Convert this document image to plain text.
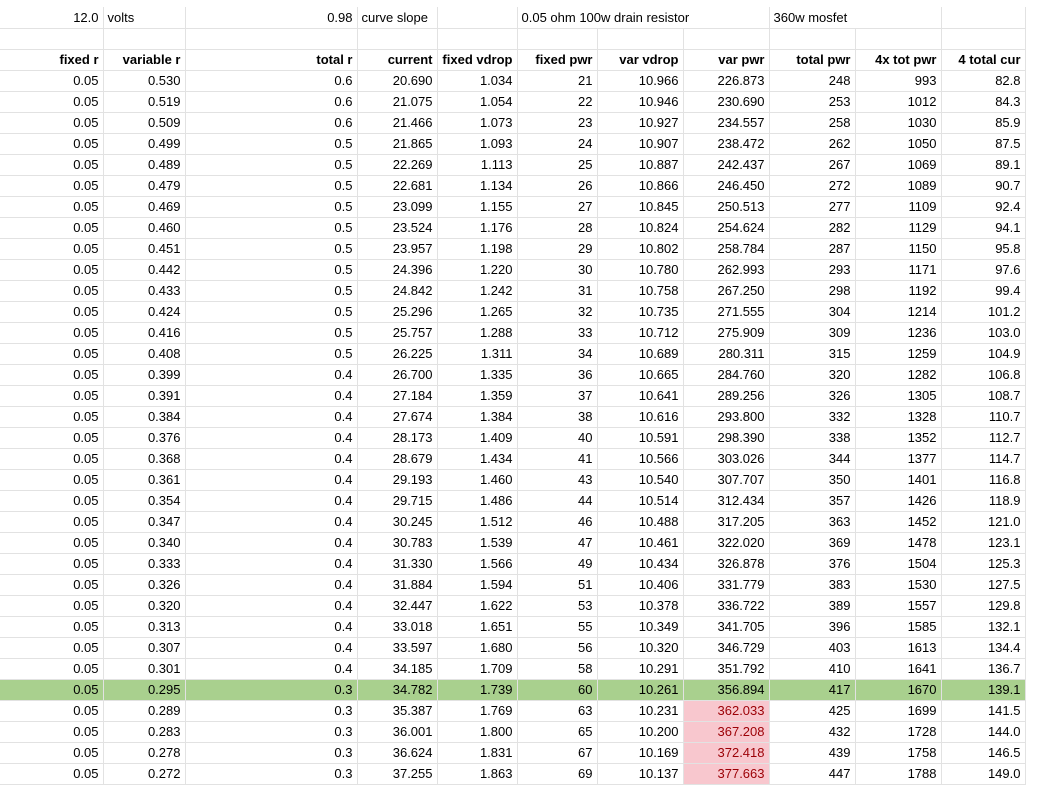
12.0	volts	0.98	curve slope		0.05 ohm 100w drain resistor			360w mosfet		

fixed r	variable r	total r	current	fixed vdrop	fixed pwr	var vdrop	var pwr	total pwr	4x tot pwr	4 total cur
0.05	0.530	0.6	20.690	1.034	21	10.966	226.873	248	993	82.8
0.05	0.519	0.6	21.075	1.054	22	10.946	230.690	253	1012	84.3
0.05	0.509	0.6	21.466	1.073	23	10.927	234.557	258	1030	85.9
0.05	0.499	0.5	21.865	1.093	24	10.907	238.472	262	1050	87.5
0.05	0.489	0.5	22.269	1.113	25	10.887	242.437	267	1069	89.1
0.05	0.479	0.5	22.681	1.134	26	10.866	246.450	272	1089	90.7
0.05	0.469	0.5	23.099	1.155	27	10.845	250.513	277	1109	92.4
0.05	0.460	0.5	23.524	1.176	28	10.824	254.624	282	1129	94.1
0.05	0.451	0.5	23.957	1.198	29	10.802	258.784	287	1150	95.8
0.05	0.442	0.5	24.396	1.220	30	10.780	262.993	293	1171	97.6
0.05	0.433	0.5	24.842	1.242	31	10.758	267.250	298	1192	99.4
0.05	0.424	0.5	25.296	1.265	32	10.735	271.555	304	1214	101.2
0.05	0.416	0.5	25.757	1.288	33	10.712	275.909	309	1236	103.0
0.05	0.408	0.5	26.225	1.311	34	10.689	280.311	315	1259	104.9
0.05	0.399	0.4	26.700	1.335	36	10.665	284.760	320	1282	106.8
0.05	0.391	0.4	27.184	1.359	37	10.641	289.256	326	1305	108.7
0.05	0.384	0.4	27.674	1.384	38	10.616	293.800	332	1328	110.7
0.05	0.376	0.4	28.173	1.409	40	10.591	298.390	338	1352	112.7
0.05	0.368	0.4	28.679	1.434	41	10.566	303.026	344	1377	114.7
0.05	0.361	0.4	29.193	1.460	43	10.540	307.707	350	1401	116.8
0.05	0.354	0.4	29.715	1.486	44	10.514	312.434	357	1426	118.9
0.05	0.347	0.4	30.245	1.512	46	10.488	317.205	363	1452	121.0
0.05	0.340	0.4	30.783	1.539	47	10.461	322.020	369	1478	123.1
0.05	0.333	0.4	31.330	1.566	49	10.434	326.878	376	1504	125.3
0.05	0.326	0.4	31.884	1.594	51	10.406	331.779	383	1530	127.5
0.05	0.320	0.4	32.447	1.622	53	10.378	336.722	389	1557	129.8
0.05	0.313	0.4	33.018	1.651	55	10.349	341.705	396	1585	132.1
0.05	0.307	0.4	33.597	1.680	56	10.320	346.729	403	1613	134.4
0.05	0.301	0.4	34.185	1.709	58	10.291	351.792	410	1641	136.7
0.05	0.295	0.3	34.782	1.739	60	10.261	356.894	417	1670	139.1
0.05	0.289	0.3	35.387	1.769	63	10.231	362.033	425	1699	141.5
0.05	0.283	0.3	36.001	1.800	65	10.200	367.208	432	1728	144.0
0.05	0.278	0.3	36.624	1.831	67	10.169	372.418	439	1758	146.5
0.05	0.272	0.3	37.255	1.863	69	10.137	377.663	447	1788	149.0
